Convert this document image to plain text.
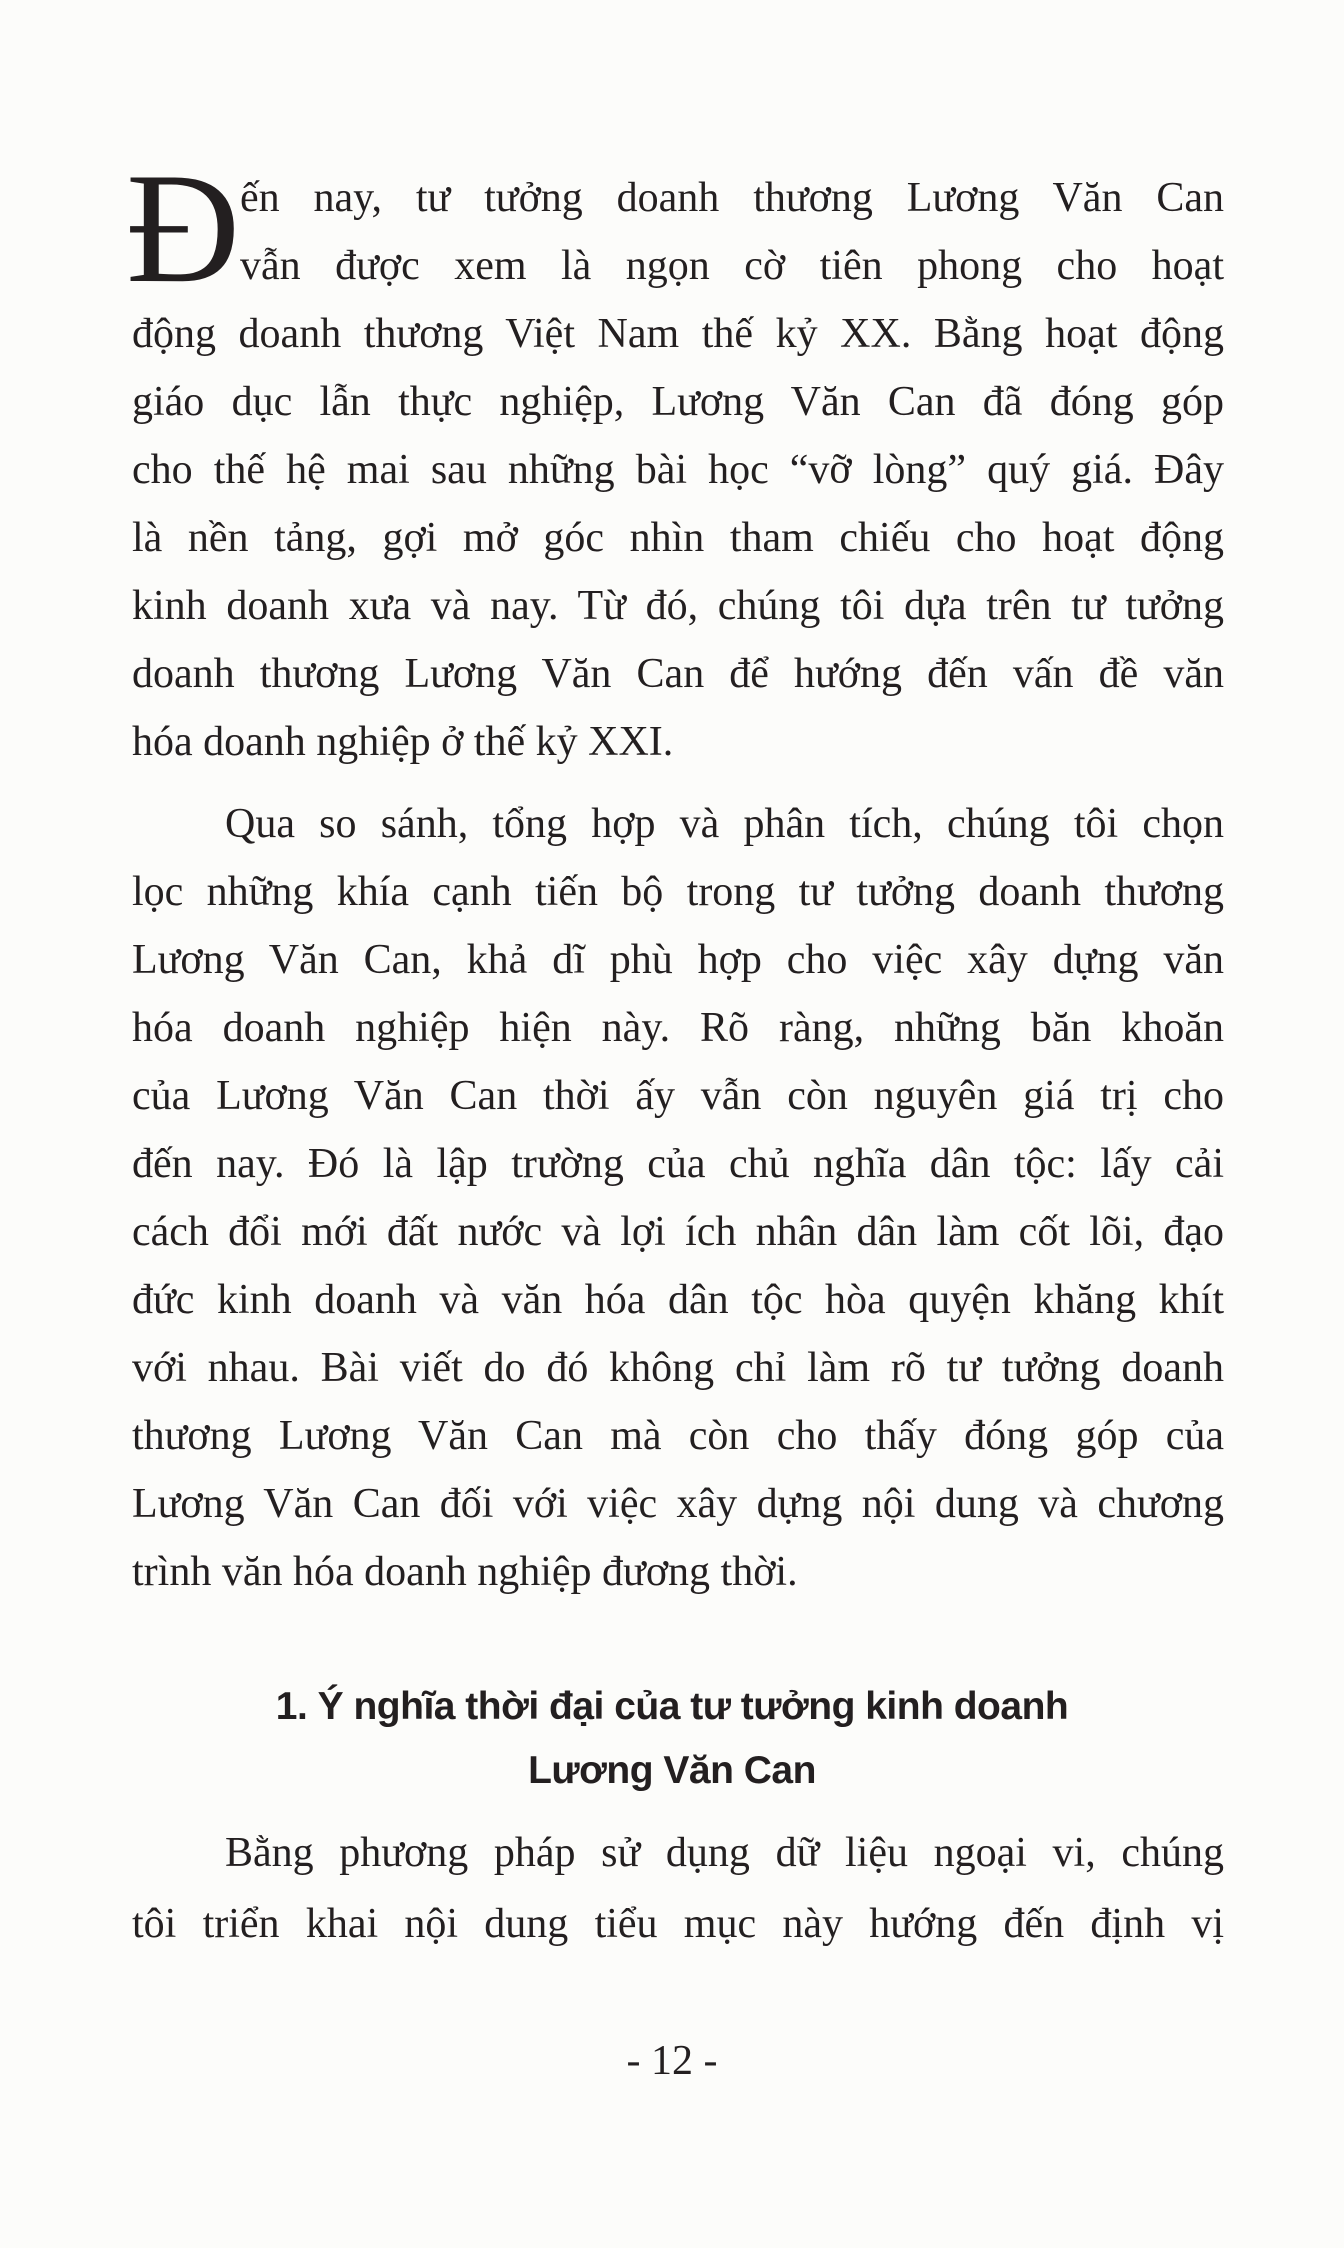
Đ ến nay, tư tưởng doanh thương Lương Văn Can
vẫn được xem là ngọn cờ tiên phong cho hoạt
động doanh thương Việt Nam thế kỷ XX. Bằng hoạt động
giáo dục lẫn thực nghiệp, Lương Văn Can đã đóng góp
cho thế hệ mai sau những bài học “vỡ lòng” quý giá. Đây
là nền tảng, gợi mở góc nhìn tham chiếu cho hoạt động
kinh doanh xưa và nay. Từ đó, chúng tôi dựa trên tư tưởng
doanh thương Lương Văn Can để hướng đến vấn đề văn
hóa doanh nghiệp ở thế kỷ XXI.
Qua so sánh, tổng hợp và phân tích, chúng tôi chọn
lọc những khía cạnh tiến bộ trong tư tưởng doanh thương
Lương Văn Can, khả dĩ phù hợp cho việc xây dựng văn
hóa doanh nghiệp hiện này. Rõ ràng, những băn khoăn
của Lương Văn Can thời ấy vẫn còn nguyên giá trị cho
đến nay. Đó là lập trường của chủ nghĩa dân tộc: lấy cải
cách đổi mới đất nước và lợi ích nhân dân làm cốt lõi, đạo
đức kinh doanh và văn hóa dân tộc hòa quyện khăng khít
với nhau. Bài viết do đó không chỉ làm rõ tư tưởng doanh
thương Lương Văn Can mà còn cho thấy đóng góp của
Lương Văn Can đối với việc xây dựng nội dung và chương
trình văn hóa doanh nghiệp đương thời.
1. Ý nghĩa thời đại của tư tưởng kinh doanh
Lương Văn Can
Bằng phương pháp sử dụng dữ liệu ngoại vi, chúng
tôi triển khai nội dung tiểu mục này hướng đến định vị
- 12 -
